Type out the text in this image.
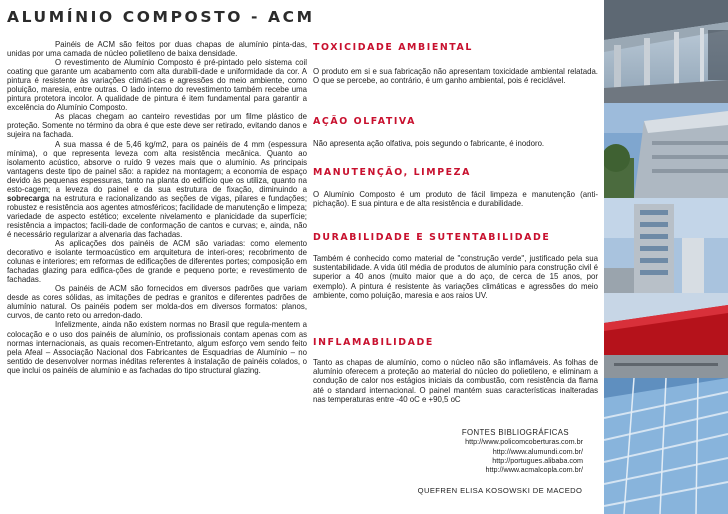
ALUMÍNIO COMPOSTO - ACM

Painéis de ACM são feitos por duas chapas de alumínio pinta-das, unidas por uma camada de núcleo polietileno de baixa densidade.

O revestimento de Alumínio Composto é pré-pintado pelo sistema coil coating que garante um acabamento com alta durabili-dade e uniformidade da cor. A pintura é resistente às variações climáti-cas e agressões do meio ambiente, como poluição, maresia, entre outras. O lado interno do revestimento também recebe uma pintura protetora incolor. A qualidade de pintura é item fundamental para garantir a excelência do Alumínio Composto.

As placas chegam ao canteiro revestidas por um filme plástico de proteção. Somente no término da obra é que este deve ser retirado, evitando danos e sujeira na fachada.

A sua massa é de 5,46 kg/m2, para os painéis de 4 mm (espessura mínima), o que representa leveza com alta resistência mecânica. Quanto ao isolamento acústico, absorve o ruído 9 vezes mais que o alumínio. As principais vantagens deste tipo de painel são: a rapidez na montagem; a economia de espaço devido às pequenas espessuras, tanto na planta do edifício que os utiliza, quanto na esto-cagem; a leveza do painel e da sua estrutura de fixação, diminuindo a sobrecarga na estrutura e racionalizando as seções de vigas, pilares e fundações; robustez e resistência aos agentes atmosféricos; facilidade de manutenção e limpeza; variedade de aspecto estético; excelente nivelamento e planicidade da superfície; resistência a impactos; facili-dade de conformação de cantos e curvas; e, ainda, não é necessário regularizar a alvenaria das fachadas.

As aplicações dos painéis de ACM são variadas: como elemento decorativo e isolante termoacústico em arquitetura de interi-ores; recobrimento de colunas e interiores; em reformas de edificações de diferentes portes; composição em fachadas glazing para edifica-ções de grande e pequeno porte; e revestimento de fachadas.

Os painéis de ACM são fornecidos em diversos padrões que variam desde as cores sólidas, as imitações de pedras e granitos e diferentes padrões de alumínio natural. Os painéis podem ser molda-dos em diversos formatos: planos, curvos, de canto reto ou arredon-dado.

Infelizmente, ainda não existem normas no Brasil que regula-mentem a colocação e o uso dos painéis de alumínio, os profissionais contam apenas com as normas internacionais, as quais recomen-Entretanto, algum esforço vem sendo feito pela Afeal – Associação Nacional dos Fabricantes de Esquadrias de Alumínio – no sentido de desenvolver normas inéditas referentes à instalação de painéis colados, o que inclui os painéis de alumínio e as fachadas do tipo structural glazing.

TOXICIDADE AMBIENTAL
O produto em si e sua fabricação não apresentam toxicidade ambiental relatada. O que se percebe, ao contrário, é um ganho ambiental, pois é reciclável.
AÇÃO OLFATIVA
Não apresenta ação olfativa, pois segundo o fabricante, é inodoro.
MANUTENÇÃO, LIMPEZA
O Alumínio Composto é um produto de fácil limpeza e manutenção (anti-pichação). E sua pintura e de alta resistência e durabilidade.
DURABILIDADE E SUTENTABILIDADE
Também é conhecido como material de "construção verde", justificado pela sua sustentabilidade. A vida útil média de produtos de alumínio para construção civil é superior a 40 anos (muito maior que a do aço, de cerca de 15 anos, por exemplo). A pintura é resistente às variações climáticas e agressões do meio ambiente, como poluição, maresia e aos raios UV.
INFLAMABILIDADE
Tanto as chapas de alumínio, como o núcleo não são inflamáveis. As folhas de alumínio oferecem a proteção ao material do núcleo do polietileno, e eliminam a condução de calor nos estágios iniciais da combustão, com resistência da flama até o standard internacional. O painel mantém suas características inalteradas nas temperaturas entre -40 oC e +90,5 oC
FONTES BIBLIOGRÁFICAS
http://www.policomcoberturas.com.br
http://www.alumundi.com.br/
http://portugues.alibaba.com
http://www.acmalcopla.com.br/
QUEFREN ELISA KOSOWSKI DE MACEDO
